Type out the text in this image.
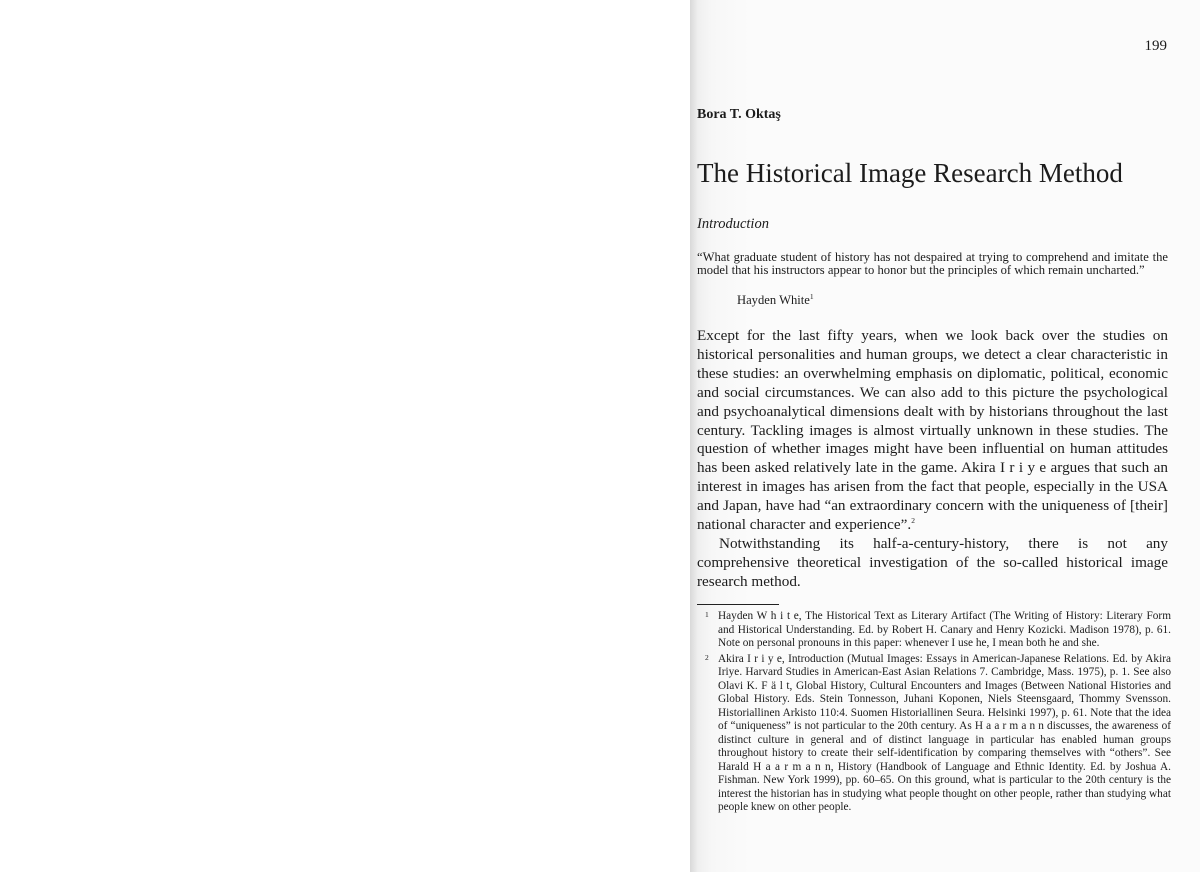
199
Bora T. Oktaş
The Historical Image Research Method
Introduction
“What graduate student of history has not despaired at trying to comprehend and imitate the model that his instructors appear to honor but the principles of which remain uncharted.”
Hayden White$^1$

Except for the last fifty years, when we look back over the studies on historical personalities and human groups, we detect a clear characteristic in these studies: an overwhelming emphasis on diplomatic, political, economic and social circumstances. We can also add to this picture the psychological and psychoanalytical dimensions dealt with by historians throughout the last century. Tackling images is almost virtually unknown in these studies. The question of whether images might have been influential on human attitudes has been asked relatively late in the game. Akira I r i y e argues that such an interest in images has arisen from the fact that people, especially in the USA and Japan, have had “an extraordinary concern with the uniqueness of [their] national character and experience”.$^2$

Notwithstanding its half-a-century-history, there is not any comprehensive theoretical investigation of the so-called historical image research method.

1 Hayden W h i t e, The Historical Text as Literary Artifact (The Writing of History: Literary Form and Historical Understanding. Ed. by Robert H. Canary and Henry Kozicki. Madison 1978), p. 61. Note on personal pronouns in this paper: whenever I use he, I mean both he and she.
2 Akira I r i y e, Introduction (Mutual Images: Essays in American-Japanese Relations. Ed. by Akira Iriye. Harvard Studies in American-East Asian Relations 7. Cambridge, Mass. 1975), p. 1. See also Olavi K. F ä l t, Global History, Cultural Encounters and Images (Between National Histories and Global History. Eds. Stein Tonnesson, Juhani Koponen, Niels Steensgaard, Thommy Svensson. Historiallinen Arkisto 110:4. Suomen Historiallinen Seura. Helsinki 1997), p. 61. Note that the idea of “uniqueness” is not particular to the 20th century. As H a a r m a n n discusses, the awareness of distinct culture in general and of distinct language in particular has enabled human groups throughout history to create their self-identification by comparing themselves with “others”. See Harald H a a r m a n n, History (Handbook of Language and Ethnic Identity. Ed. by Joshua A. Fishman. New York 1999), pp. 60–65. On this ground, what is particular to the 20th century is the interest the historian has in studying what people thought on other people, rather than studying what people knew on other people.
